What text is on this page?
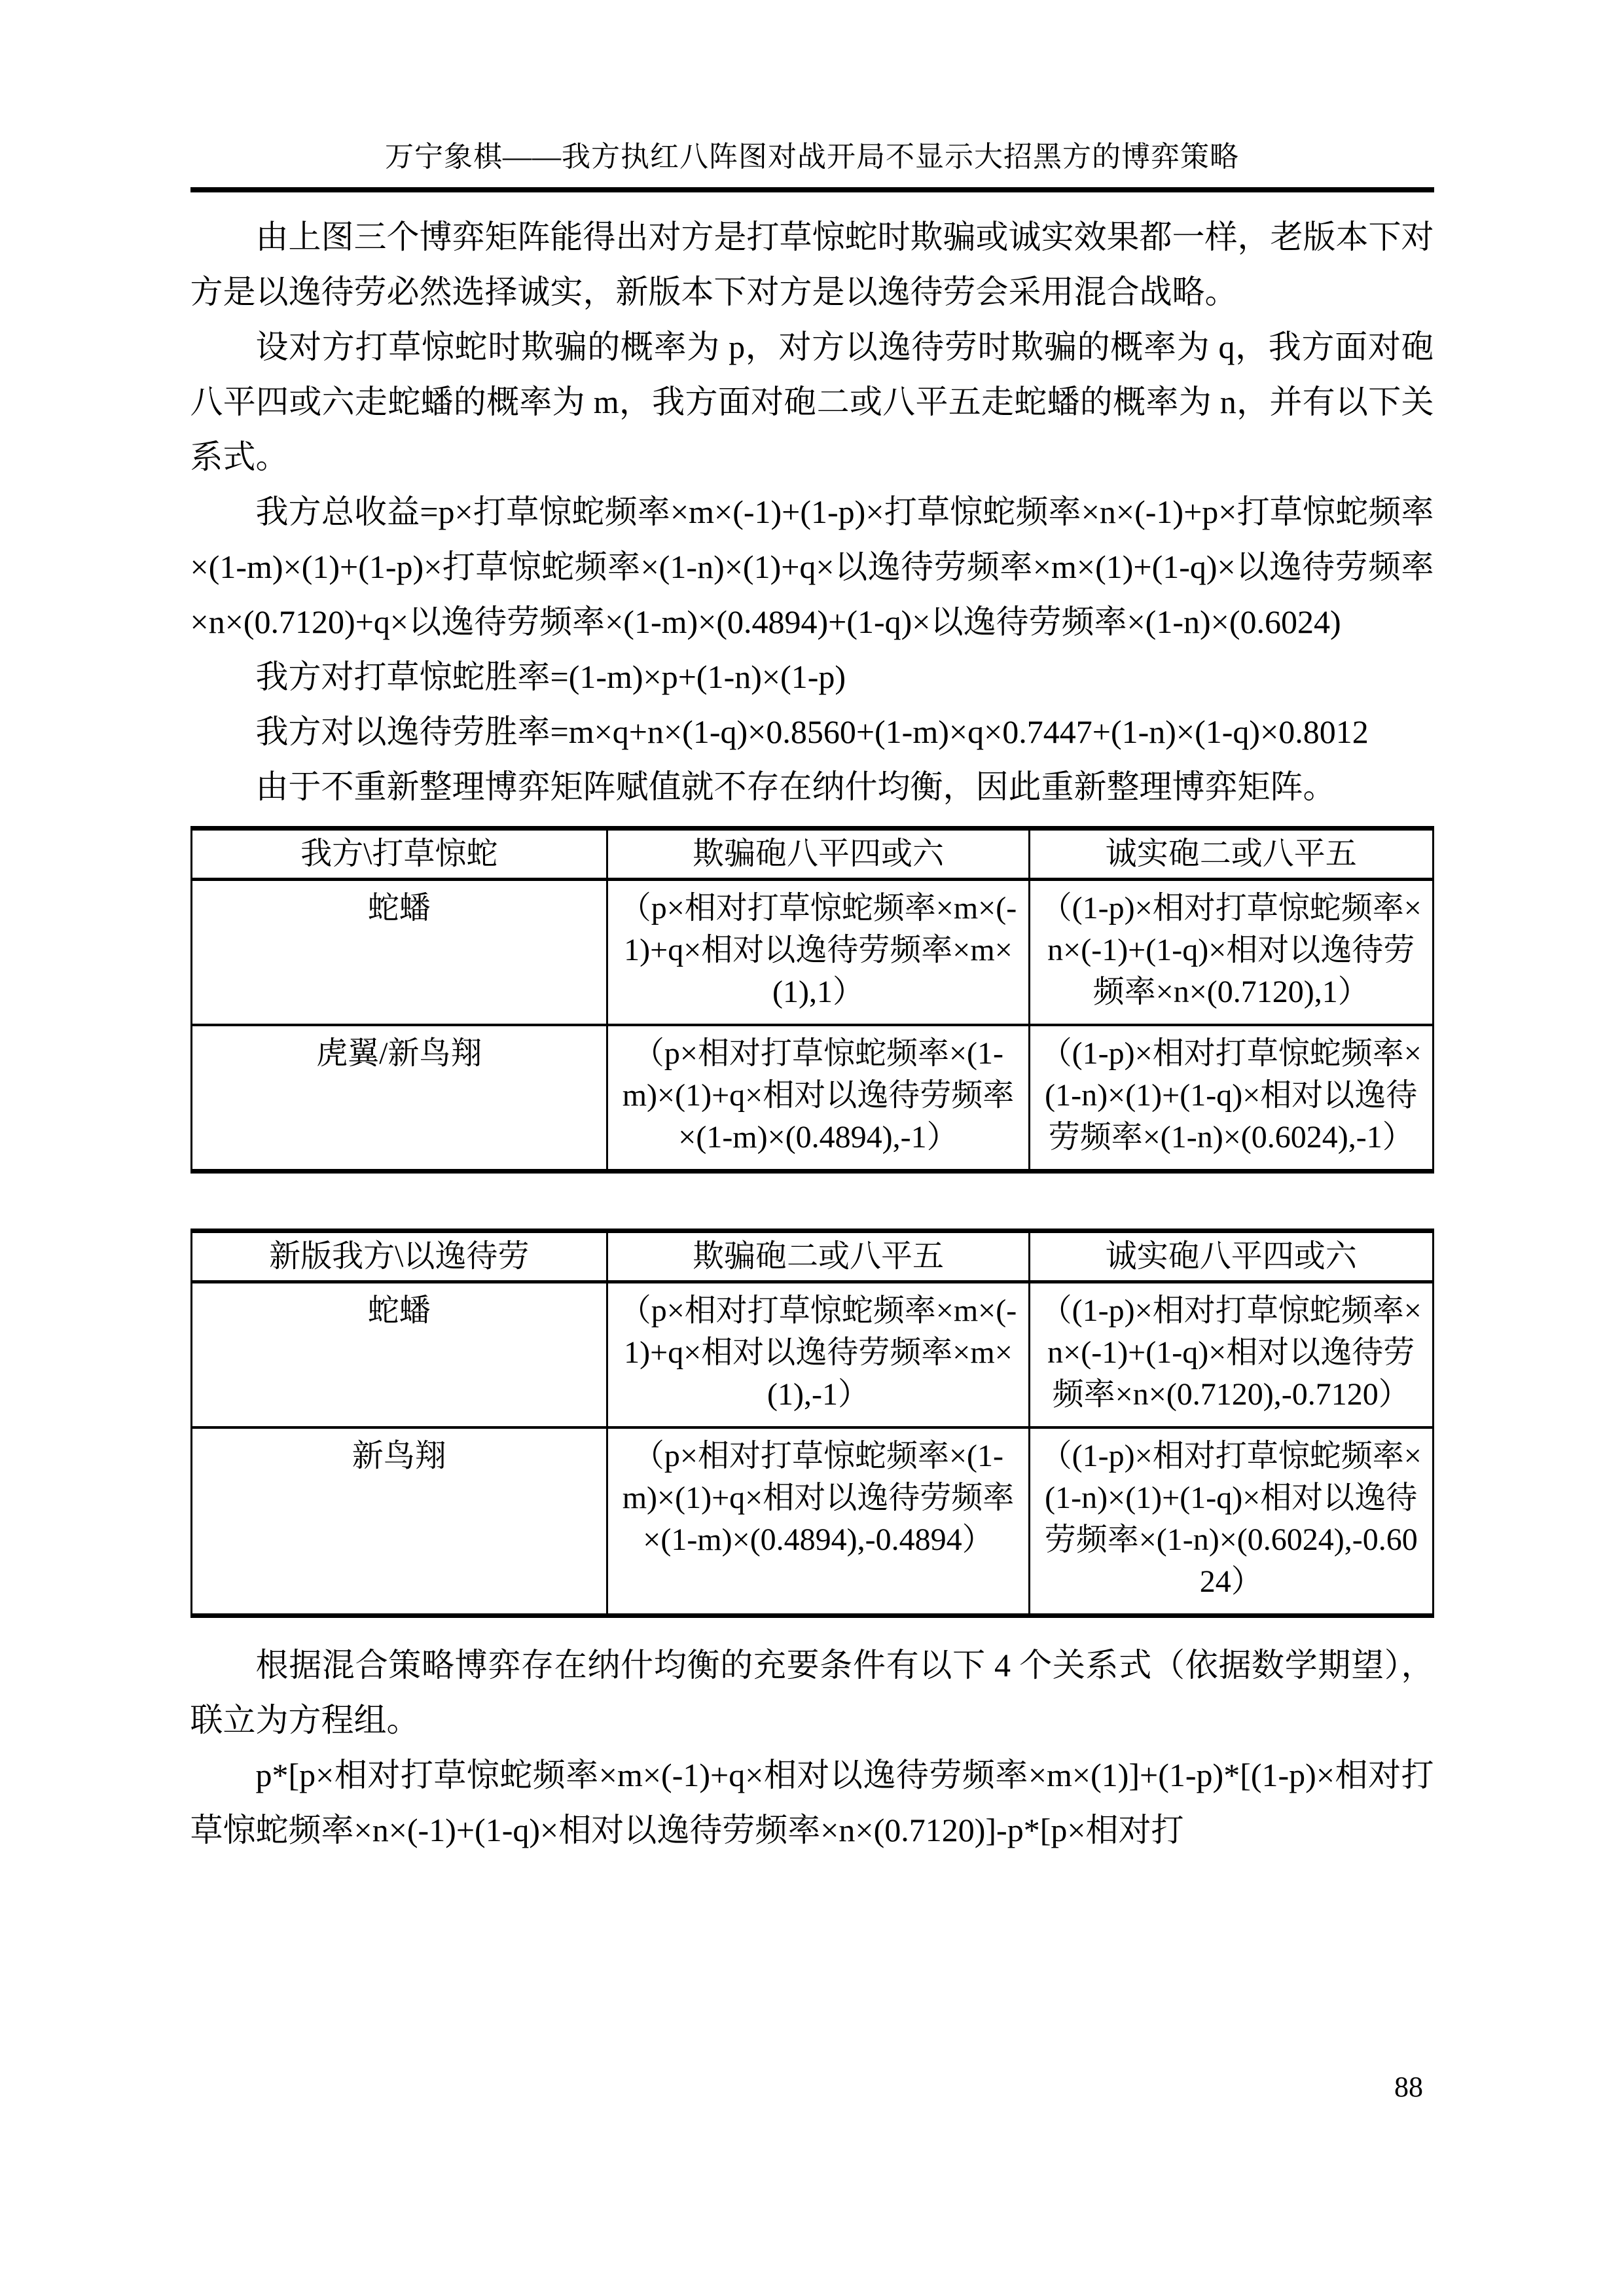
万宁象棋——我方执红八阵图对战开局不显示大招黑方的博弈策略

由上图三个博弈矩阵能得出对方是打草惊蛇时欺骗或诚实效果都一样，老版本下对方是以逸待劳必然选择诚实，新版本下对方是以逸待劳会采用混合战略。

设对方打草惊蛇时欺骗的概率为 p，对方以逸待劳时欺骗的概率为 q，我方面对砲八平四或六走蛇蟠的概率为 m，我方面对砲二或八平五走蛇蟠的概率为 n，并有以下关系式。

我方总收益=p×打草惊蛇频率×m×(-1)+(1-p)×打草惊蛇频率×n×(-1)+p×打草惊蛇频率×(1-m)×(1)+(1-p)×打草惊蛇频率×(1-n)×(1)+q×以逸待劳频率×m×(1)+(1-q)×以逸待劳频率×n×(0.7120)+q×以逸待劳频率×(1-m)×(0.4894)+(1-q)×以逸待劳频率×(1-n)×(0.6024)

我方对打草惊蛇胜率=(1-m)×p+(1-n)×(1-p)

我方对以逸待劳胜率=m×q+n×(1-q)×0.8560+(1-m)×q×0.7447+(1-n)×(1-q)×0.8012

由于不重新整理博弈矩阵赋值就不存在纳什均衡，因此重新整理博弈矩阵。

我方\打草惊蛇	欺骗砲八平四或六	诚实砲二或八平五
蛇蟠	（p×相对打草惊蛇频率×m×(-1)+q×相对以逸待劳频率×m×(1),1）	（(1-p)×相对打草惊蛇频率×n×(-1)+(1-q)×相对以逸待劳频率×n×(0.7120),1）
虎翼/新鸟翔	（p×相对打草惊蛇频率×(1-m)×(1)+q×相对以逸待劳频率×(1-m)×(0.4894),-1）	（(1-p)×相对打草惊蛇频率×(1-n)×(1)+(1-q)×相对以逸待劳频率×(1-n)×(0.6024),-1）
新版我方\以逸待劳	欺骗砲二或八平五	诚实砲八平四或六
蛇蟠	（p×相对打草惊蛇频率×m×(-1)+q×相对以逸待劳频率×m×(1),-1）	（(1-p)×相对打草惊蛇频率×n×(-1)+(1-q)×相对以逸待劳频率×n×(0.7120),-0.7120）
新鸟翔	（p×相对打草惊蛇频率×(1-m)×(1)+q×相对以逸待劳频率×(1-m)×(0.4894),-0.4894）	（(1-p)×相对打草惊蛇频率×(1-n)×(1)+(1-q)×相对以逸待劳频率×(1-n)×(0.6024),-0.6024）

根据混合策略博弈存在纳什均衡的充要条件有以下 4 个关系式（依据数学期望），联立为方程组。

p*[p×相对打草惊蛇频率×m×(-1)+q×相对以逸待劳频率×m×(1)]+(1-p)*[(1-p)×相对打草惊蛇频率×n×(-1)+(1-q)×相对以逸待劳频率×n×(0.7120)]-p*[p×相对打

88
